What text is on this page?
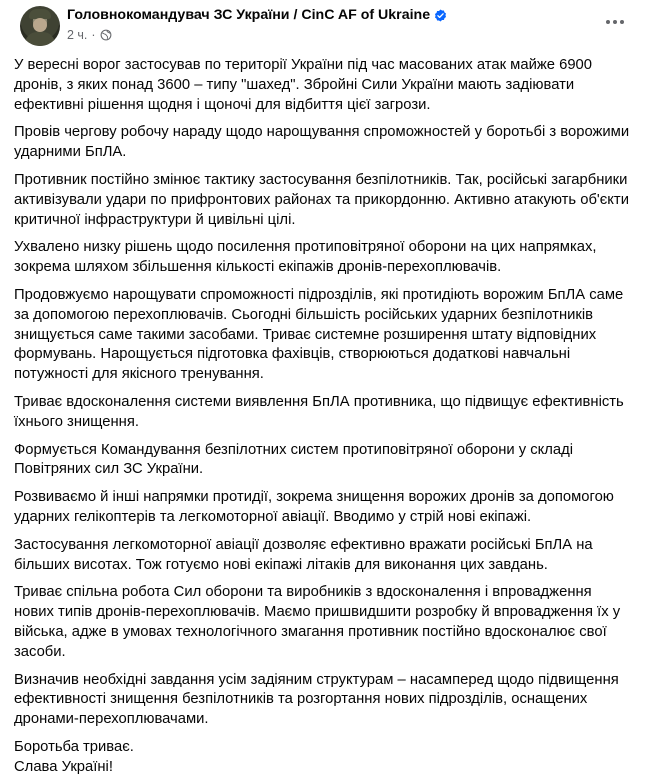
Головнокомандувач ЗС України / CinC AF of Ukraine
2 ч. ·

У вересні ворог застосував по території України під час масованих атак майже 6900 дронів, з яких понад 3600 – типу "шахед". Збройні Сили України мають задіювати ефективні рішення щодня і щоночі для відбиття цієї загрози.

Провів чергову робочу нараду щодо нарощування спроможностей у боротьбі з ворожими ударними БпЛА.

Противник постійно змінює тактику застосування безпілотників. Так, російські загарбники активізували удари по прифронтових районах та прикордонню. Активно атакують об'єкти критичної інфраструктури й цивільні цілі.

Ухвалено низку рішень щодо посилення протиповітряної оборони на цих напрямках, зокрема шляхом збільшення кількості екіпажів дронів-перехоплювачів.

Продовжуємо нарощувати спроможності підрозділів, які протидіють ворожим БпЛА саме за допомогою перехоплювачів. Сьогодні більшість російських ударних безпілотників знищується саме такими засобами. Триває системне розширення штату відповідних формувань. Нарощується підготовка фахівців, створюються додаткові навчальні потужності для якісного тренування.

Триває вдосконалення системи виявлення БпЛА противника, що підвищує ефективність їхнього знищення.

Формується Командування безпілотних систем протиповітряної оборони у складі Повітряних сил ЗС України.

Розвиваємо й інші напрямки протидії, зокрема знищення ворожих дронів за допомогою ударних гелікоптерів та легкомоторної авіації. Вводимо у стрій нові екіпажі.

Застосування легкомоторної авіації дозволяє ефективно вражати російські БпЛА на більших висотах. Тож готуємо нові екіпажі літаків для виконання цих завдань.

Триває спільна робота Сил оборони та виробників з вдосконалення і впровадження нових типів дронів-перехоплювачів. Маємо пришвидшити розробку й впровадження їх у війська, адже в умовах технологічного змагання противник постійно вдосконалює свої засоби.

Визначив необхідні завдання усім задіяним структурам – насамперед щодо підвищення ефективності знищення безпілотників та розгортання нових підрозділів, оснащених дронами-перехоплювачами.

Боротьба триває.

Слава Україні!
